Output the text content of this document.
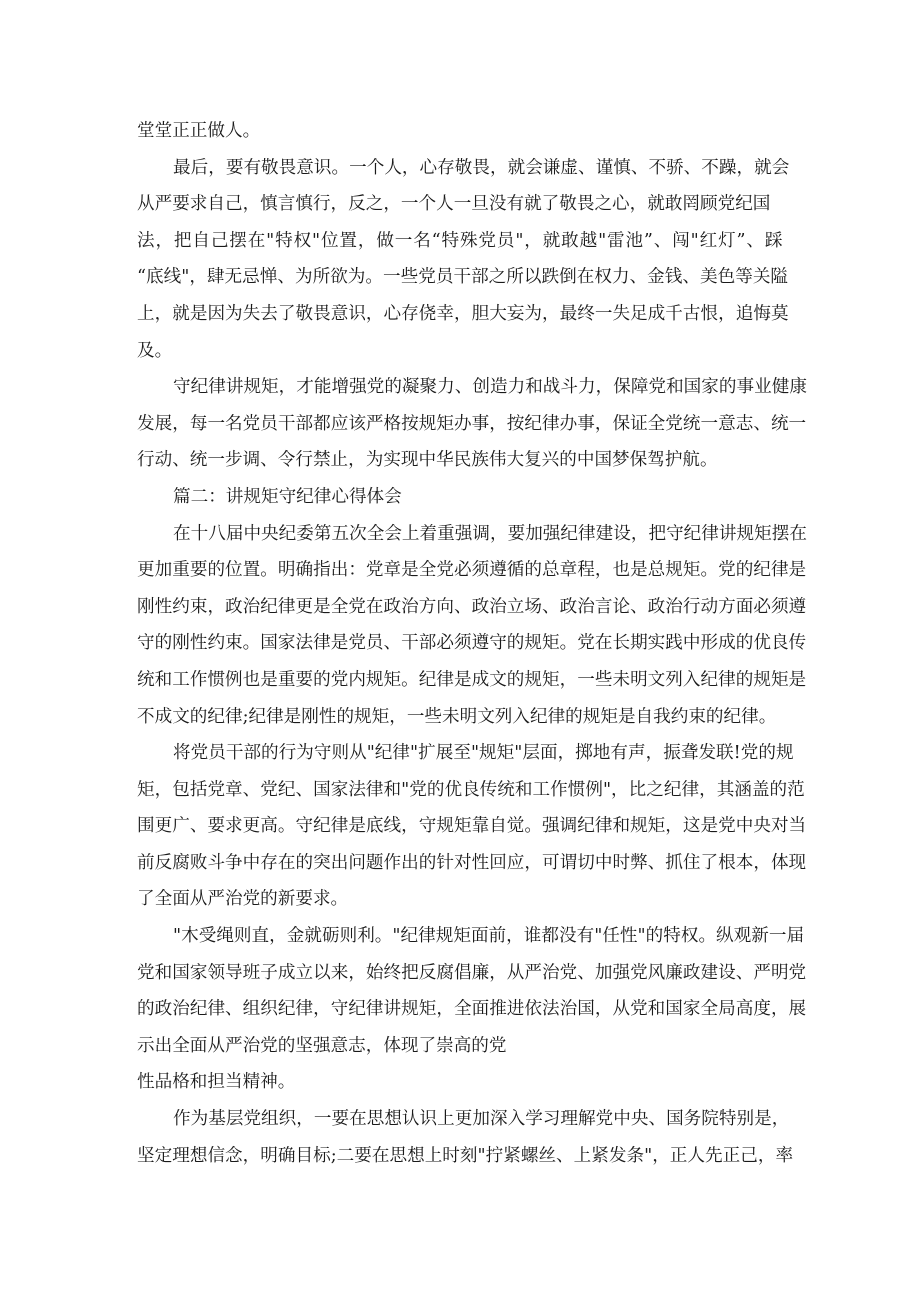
堂堂正正做人。
最 后 ， 要 有 敬 畏 意 识 。 一 个 人 ， 心 存 敬 畏 ， 就 会 谦 虚 、 谨 慎 、 不 骄 、 不 躁 ， 就 会
从严要求自己，慎言慎行，反之，一个人一旦没有就了敬畏之心，就敢罔顾党纪国
法 ， 把 自 己 摆 在 " 特 权 " 位 置 ， 做 一 名 “ 特 殊 党 员 " ， 就 敢 越 " 雷 池 ” 、 闯 " 红 灯 ” 、 踩
“ 底 线 " ， 肆 无 忌 惮 、 为 所 欲 为 。 一 些 党 员 干 部 之 所 以 跌 倒 在 权 力 、 金 钱 、 美 色 等 关 隘
上 ， 就 是 因 为 失 去 了 敬 畏 意 识 ， 心 存 侥 幸 ， 胆 大 妄 为 ， 最 终 一 失 足 成 千 古 恨 ， 追 悔 莫
及。
守 纪 律 讲 规 矩 ， 才 能 增 强 党 的 凝 聚 力 、 创 造 力 和 战 斗 力 ， 保 障 党 和 国 家 的 事 业 健 康
发 展 ， 每 一 名 党 员 干 部 都 应 该 严 格 按 规 矩 办 事 ， 按 纪 律 办 事 ， 保 证 全 党 统 一 意 志 、 统 一
行动、统一步调、令行禁止，为实现中华民族伟大复兴的中国梦保驾护航。
篇二：讲规矩守纪律心得体会
在 十 八 届 中 央 纪 委 第 五 次 全 会 上 着 重 强 调 ， 要 加 强 纪 律 建 设 ， 把 守 纪 律 讲 规 矩 摆 在
更 加 重 要 的 位 置 。 明 确 指 出 ： 党 章 是 全 党 必 须 遵 循 的 总 章 程 ， 也 是 总 规 矩 。 党 的 纪 律 是
刚 性 约 束 ， 政 治 纪 律 更 是 全 党 在 政 治 方 向 、 政 治 立 场 、 政 治 言 论 、 政 治 行 动 方 面 必 须 遵
守 的 刚 性 约 束 。 国 家 法 律 是 党 员 、 干 部 必 须 遵 守 的 规 矩 。 党 在 长 期 实 践 中 形 成 的 优 良 传
统 和 工 作 惯 例 也 是 重 要 的 党 内 规 矩 。 纪 律 是 成 文 的 规 矩 ， 一 些 未 明 文 列 入 纪 律 的 规 矩 是
不成文的纪律;纪律是刚性的规矩，一些未明文列入纪律的规矩是自我约束的纪律。
将 党 员 干 部 的 行 为 守 则 从 " 纪 律 " 扩 展 至 " 规 矩 " 层 面 ， 掷 地 有 声 ， 振 聋 发 联 ! 党 的 规
矩 ， 包 括 党 章 、 党 纪 、 国 家 法 律 和 " 党 的 优 良 传 统 和 工 作 惯 例 " ， 比 之 纪 律 ， 其 涵 盖 的 范
围 更 广 、 要 求 更 高 。 守 纪 律 是 底 线 ， 守 规 矩 靠 自 觉 。 强 调 纪 律 和 规 矩 ， 这 是 党 中 央 对 当
前 反 腐 败 斗 争 中 存 在 的 突 出 问 题 作 出 的 针 对 性 回 应 ， 可 谓 切 中 时 弊 、 抓 住 了 根 本 ， 体 现
了全面从严治党的新要求。
" 木 受 绳 则 直 ， 金 就 砺 则 利 。 " 纪 律 规 矩 面 前 ， 谁 都 没 有 " 任 性 " 的 特 权 。 纵 观 新 一 届
党 和 国 家 领 导 班 子 成 立 以 来 ， 始 终 把 反 腐 倡 廉 ， 从 严 治 党 、 加 强 党 风 廉 政 建 设 、 严 明 党
的 政 治 纪 律 、 组 织 纪 律 ， 守 纪 律 讲 规 矩 ， 全 面 推 进 依 法 治 国 ， 从 党 和 国 家 全 局 高 度 ， 展
示出全面从严治党的坚强意志，体现了崇高的党
性品格和担当精神。
作 为 基 层 党 组 织 ， 一 要 在 思 想 认 识 上 更 加 深 入 学 习 理 解 党 中 央 、 国 务 院 特 别 是 ，
坚 定 理 想 信 念 ， 明 确 目 标 ; 二 要 在 思 想 上 时 刻 " 拧 紧 螺 丝 、 上 紧 发 条 " ， 正 人 先 正 己 ， 率
